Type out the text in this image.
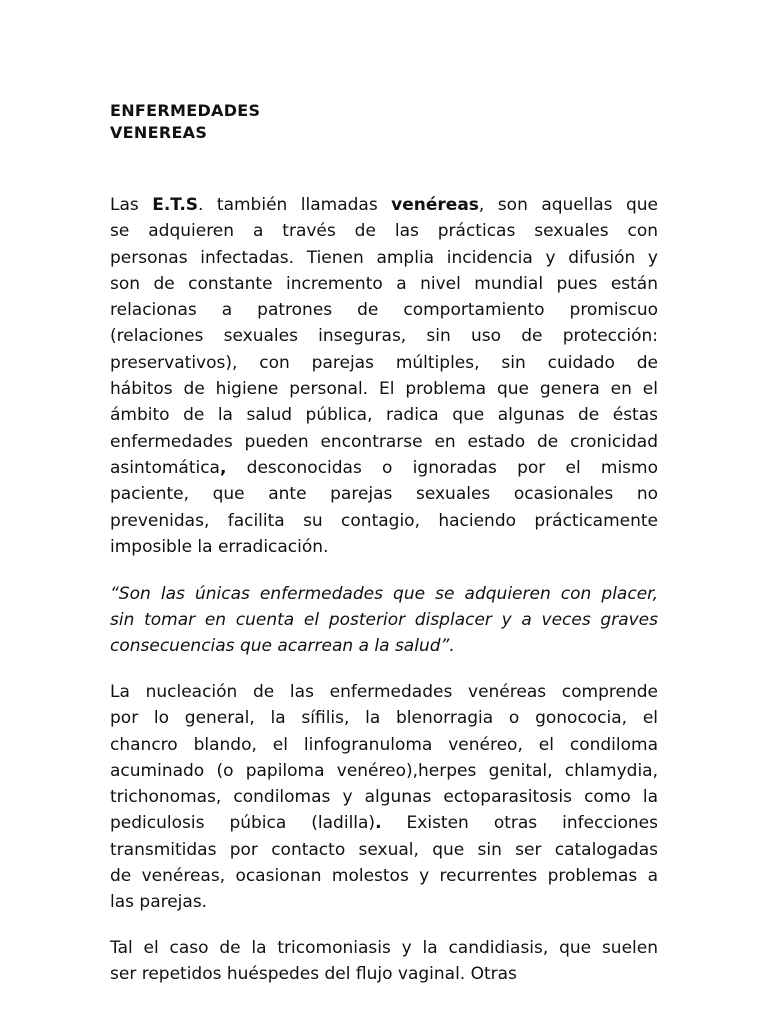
ENFERMEDADES
VENEREAS
Las E.T.S. también llamadas venéreas, son aquellas que
se adquieren a través de las prácticas sexuales con
personas infectadas. Tienen amplia incidencia y difusión y
son de constante incremento a nivel mundial pues están
relacionas a patrones de comportamiento promiscuo
(relaciones sexuales inseguras, sin uso de protección:
preservativos), con parejas múltiples, sin cuidado de
hábitos de higiene personal. El problema que genera en el
ámbito de la salud pública, radica que algunas de éstas
enfermedades pueden encontrarse en estado de cronicidad
asintomática, desconocidas o ignoradas por el mismo
paciente, que ante parejas sexuales ocasionales no
prevenidas, facilita su contagio, haciendo prácticamente
imposible la erradicación.
“Son las únicas enfermedades que se adquieren con placer,
sin tomar en cuenta el posterior displacer y a veces graves
consecuencias que acarrean a la salud”.
La nucleación de las enfermedades venéreas comprende
por lo general, la sífilis, la blenorragia o gonococia, el
chancro blando, el linfogranuloma venéreo, el condiloma
acuminado (o papiloma venéreo),herpes genital, chlamydia,
trichonomas, condilomas y algunas ectoparasitosis como la
pediculosis púbica (ladilla). Existen otras infecciones
transmitidas por contacto sexual, que sin ser catalogadas
de venéreas, ocasionan molestos y recurrentes problemas a
las parejas.
Tal el caso de la tricomoniasis y la candidiasis, que suelen
ser repetidos huéspedes del flujo vaginal. Otras
